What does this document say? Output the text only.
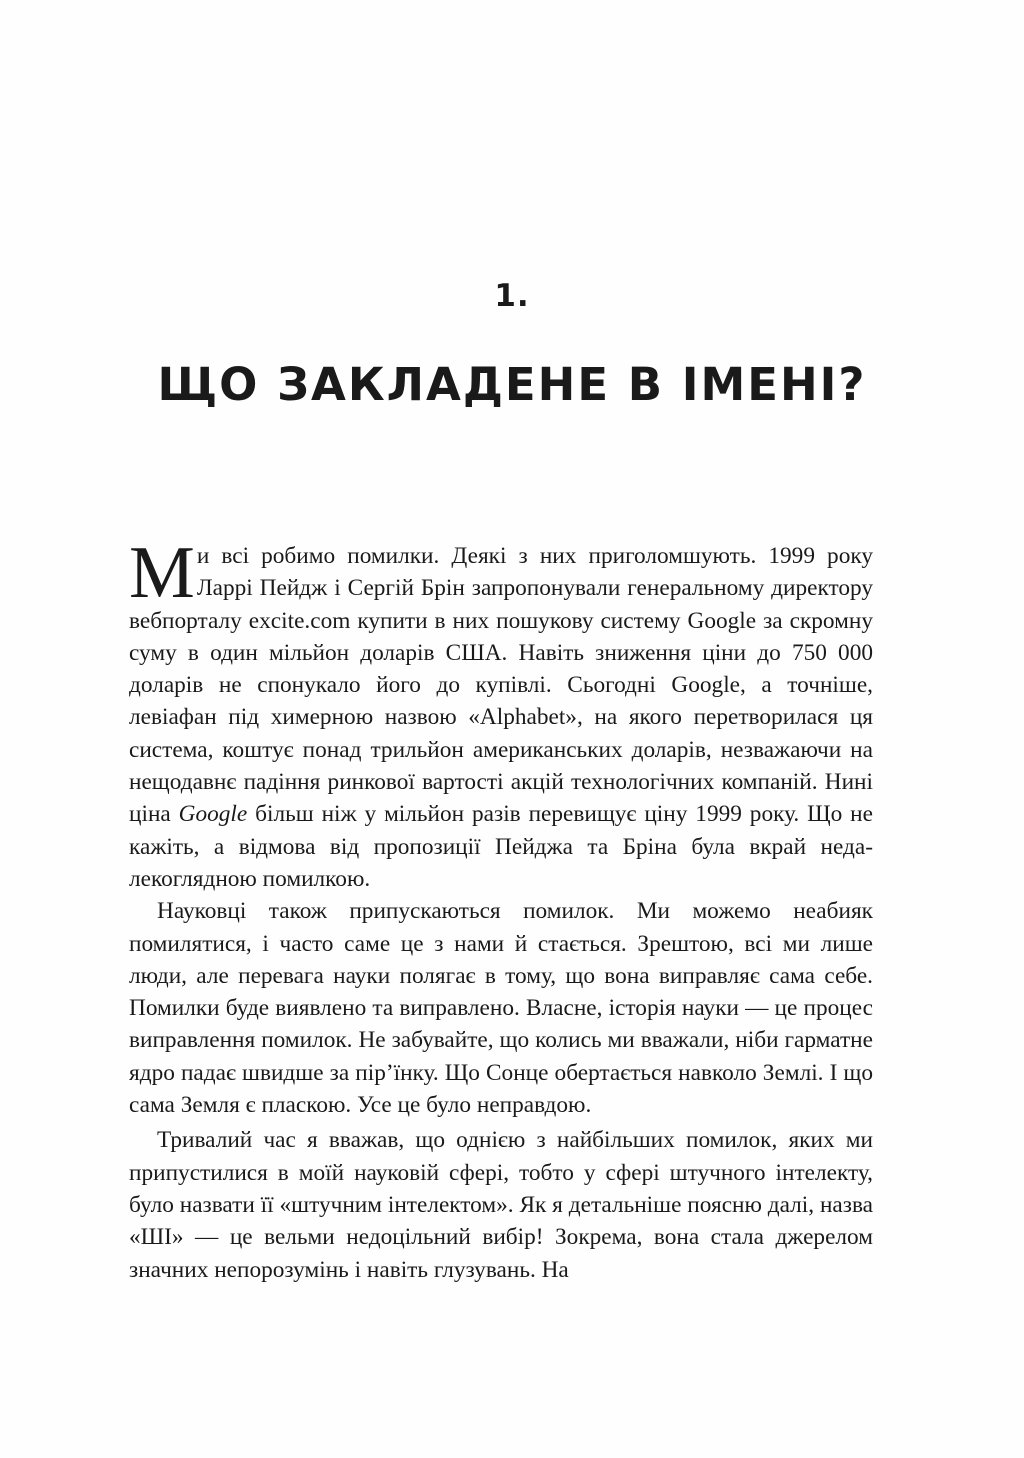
1.
ЩО ЗАКЛАДЕНЕ В ІМЕНІ?

Ми всі робимо помилки. Деякі з них приголомшують. 1999 року Ларрі Пейдж і Сергій Брін запропонували генеральному директору вебпорталу excite.com купити в них пошукову систему Google за скромну суму в один мільйон доларів США. Навіть зниження ціни до 750 000 доларів не спонукало його до купівлі. Сьогодні Google, а точніше, левіафан під химерною назвою «Alphabet», на якого перетворилася ця система, коштує понад трильйон американських доларів, незважаючи на нещодавнє падіння ринкової вартості акцій технологічних компаній. Нині ціна Google більш ніж у мільйон разів перевищує ціну 1999 року. Що не кажіть, а відмова від пропозиції Пейджа та Бріна була вкрай недалекоглядною помилкою.

Науковці також припускаються помилок. Ми можемо неабияк помилятися, і часто саме це з нами й стається. Зрештою, всі ми лише люди, але перевага науки полягає в тому, що вона виправляє сама себе. Помилки буде виявлено та виправлено. Власне, історія науки — це процес виправлення помилок. Не забувайте, що колись ми вважали, ніби гарматне ядро падає швидше за пір’їнку. Що Сонце обертається навколо Землі. І що сама Земля є пласкою. Усе це було неправдою.

Тривалий час я вважав, що однією з найбільших помилок, яких ми припустилися в моїй науковій сфері, тобто у сфері штучного інтелекту, було назвати її «штучним інтелектом». Як я детальніше поясню далі, назва «ШІ» — це вельми недоцільний вибір! Зокрема, вона стала джерелом значних непорозумінь і навіть глузувань. На
